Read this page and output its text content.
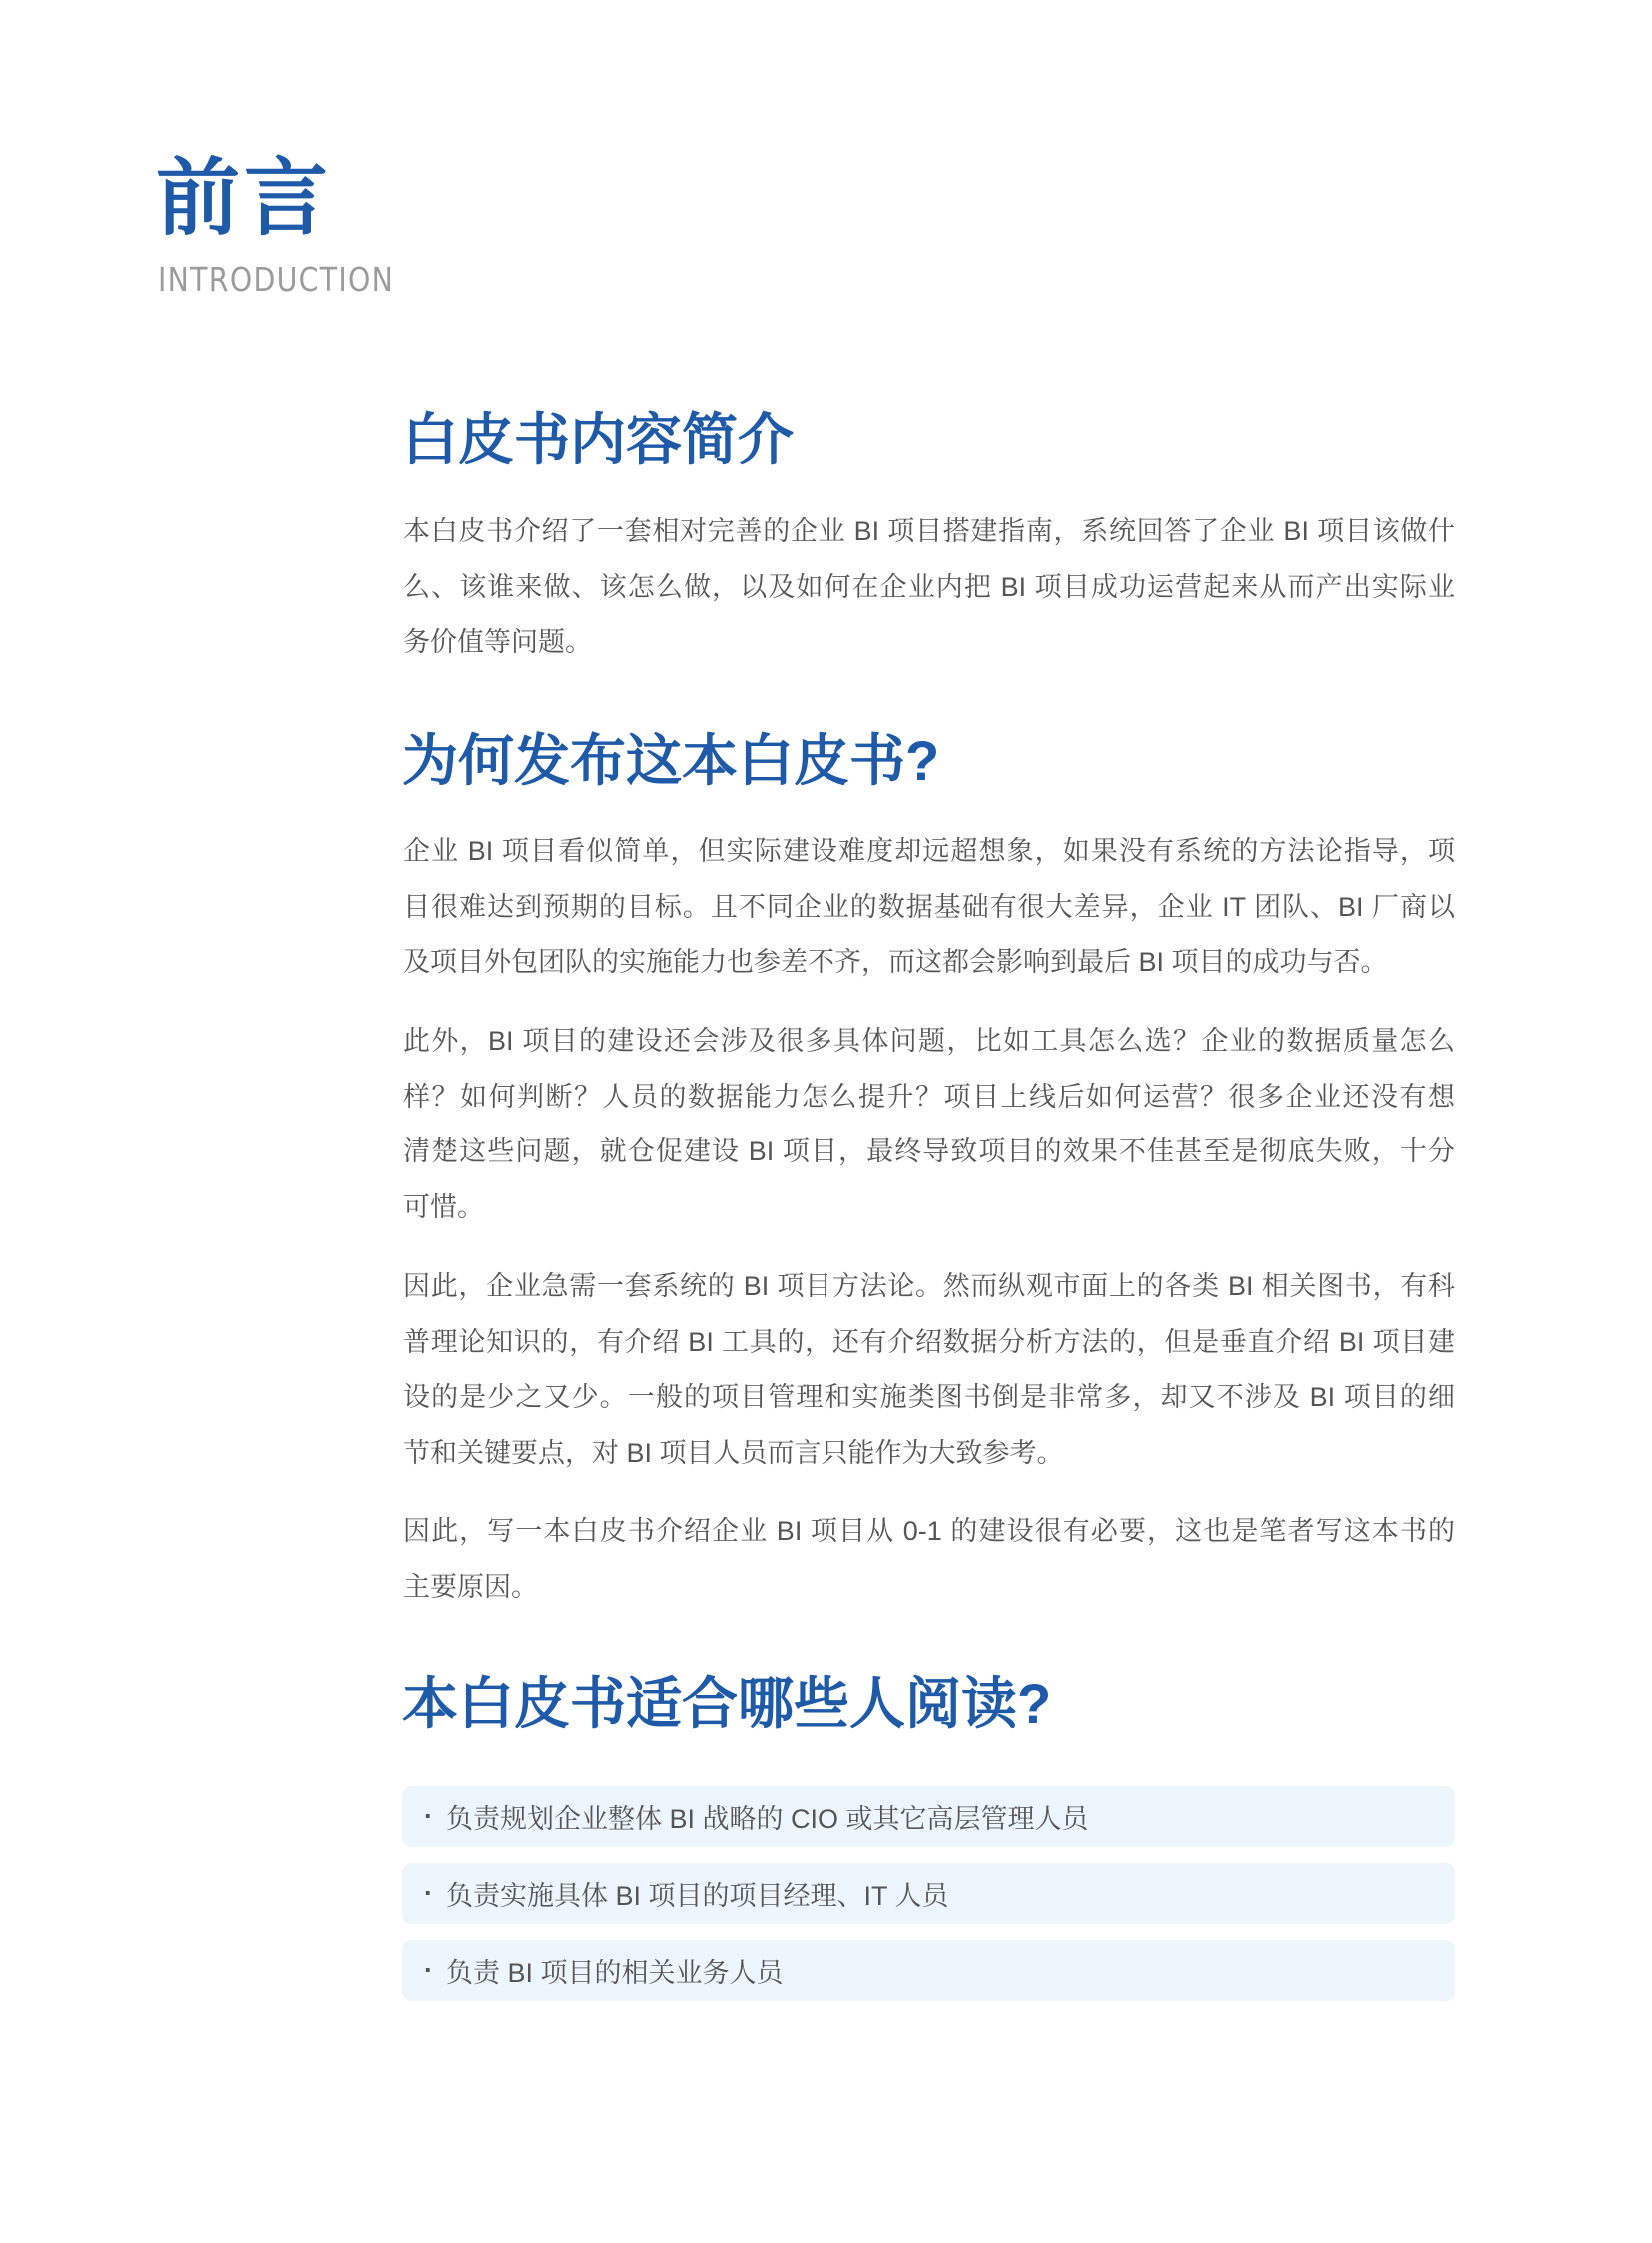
前言
INTRODUCTION
白皮书内容简介

本白皮书介绍了一套相对完善的企业 BI 项目搭建指南，系统回答了企业 BI 项目该做什
么、该谁来做、该怎么做，以及如何在企业内把 BI 项目成功运营起来从而产出实际业
务价值等问题。

为何发布这本白皮书?

企业 BI 项目看似简单，但实际建设难度却远超想象，如果没有系统的方法论指导，项
目很难达到预期的目标。且不同企业的数据基础有很大差异，企业 IT 团队、BI 厂商以
及项目外包团队的实施能力也参差不齐，而这都会影响到最后 BI 项目的成功与否。

此外，BI 项目的建设还会涉及很多具体问题，比如工具怎么选？企业的数据质量怎么
样？如何判断？人员的数据能力怎么提升？项目上线后如何运营？很多企业还没有想
清楚这些问题，就仓促建设 BI 项目，最终导致项目的效果不佳甚至是彻底失败，十分
可惜。

因此，企业急需一套系统的 BI 项目方法论。然而纵观市面上的各类 BI 相关图书，有科
普理论知识的，有介绍 BI 工具的，还有介绍数据分析方法的，但是垂直介绍 BI 项目建
设的是少之又少。一般的项目管理和实施类图书倒是非常多，却又不涉及 BI 项目的细
节和关键要点，对 BI 项目人员而言只能作为大致参考。

因此，写一本白皮书介绍企业 BI 项目从 0-1 的建设很有必要，这也是笔者写这本书的
主要原因。

本白皮书适合哪些人阅读?
· 负责规划企业整体 BI 战略的 CIO 或其它高层管理人员
· 负责实施具体 BI 项目的项目经理、IT 人员
· 负责 BI 项目的相关业务人员
